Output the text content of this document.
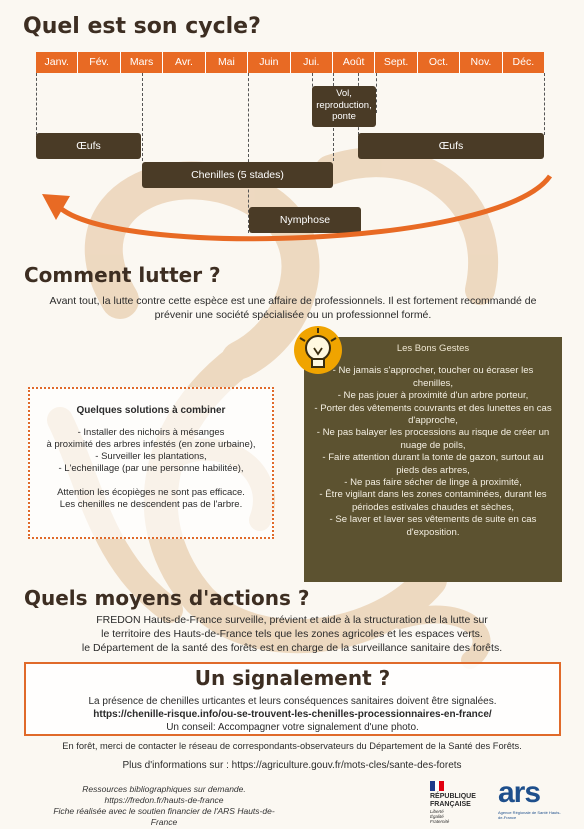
Quel est son cycle?
Janv.	Fév.	Mars	Avr.	Mai	Juin	Jui.	Août	Sept.	Oct.	Nov.	Déc.
Vol, reproduction, ponte
Œufs	Œufs
Chenilles (5 stades)
Nymphose
Comment lutter ?

Avant tout, la lutte contre cette espèce est une affaire de professionnels. Il est fortement recommandé de prévenir une société spécialisée ou un professionnel formé.

Quelques solutions à combiner
- Installer des nichoirs à mésanges
à proximité des arbres infestés (en zone urbaine),
- Surveiller les plantations,
- L'echenillage (par une personne habilitée),
Attention les écopièges ne sont pas efficace.
Les chenilles ne descendent pas de l'arbre.
Les Bons Gestes
- Ne jamais s'approcher, toucher ou écraser les chenilles,
- Ne pas jouer à proximité d'un arbre porteur,
- Porter des vêtements couvrants et des lunettes en cas d'approche,
- Ne pas balayer les processions au risque de créer un nuage de poils,
- Faire attention durant la tonte de gazon, surtout au pieds des arbres,
- Ne pas faire sécher de linge à proximité,
- Être vigilant dans les zones contaminées, durant les périodes estivales chaudes et sèches,
- Se laver et laver ses vêtements de suite en cas d'exposition.
Quels moyens d'actions ?
FREDON Hauts-de-France surveille, prévient et aide à la structuration de la lutte sur
le territoire des Hauts-de-France tels que les zones agricoles et les espaces verts.
le Département de la santé des forêts est en charge de la surveillance sanitaire des forêts.
Un signalement ?
La présence de chenilles urticantes et leurs conséquences sanitaires doivent être signalées.
https://chenille-risque.info/ou-se-trouvent-les-chenilles-processionnaires-en-france/
Un conseil: Accompagner votre signalement d'une photo.
En forêt, merci de contacter le réseau de correspondants-observateurs du Département de la Santé des Forêts.
Plus d'informations sur : https://agriculture.gouv.fr/mots-cles/sante-des-forets
Ressources bibliographiques sur demande.
https://fredon.fr/hauts-de-france
Fiche réalisée avec le soutien financier de l'ARS Hauts-de-France
RÉPUBLIQUE
FRANÇAISE
Liberté
Égalité
Fraternité
ars
Agence Régionale de Santé Hauts-de-France
